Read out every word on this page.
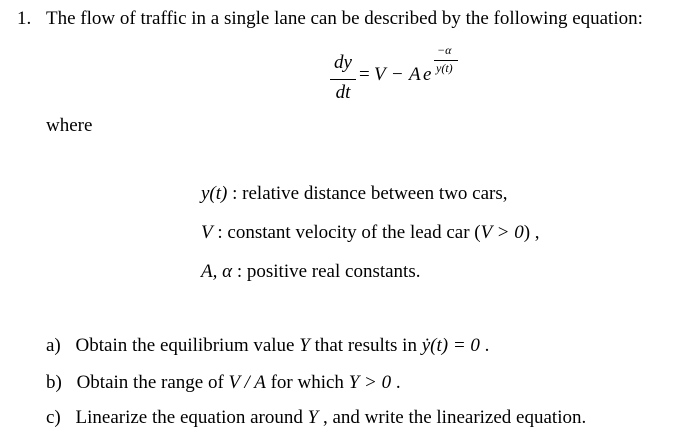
1. The flow of traffic in a single lane can be described by the following equation:
dy
dt
= V − A e
−α
y(t)
where
y(t) : relative distance between two cars,
V : constant velocity of the lead car (V > 0) ,
A, α : positive real constants.
a) Obtain the equilibrium value Y that results in ẏ(t) = 0 .
b) Obtain the range of V / A for which Y > 0 .
c) Linearize the equation around Y , and write the linearized equation.
